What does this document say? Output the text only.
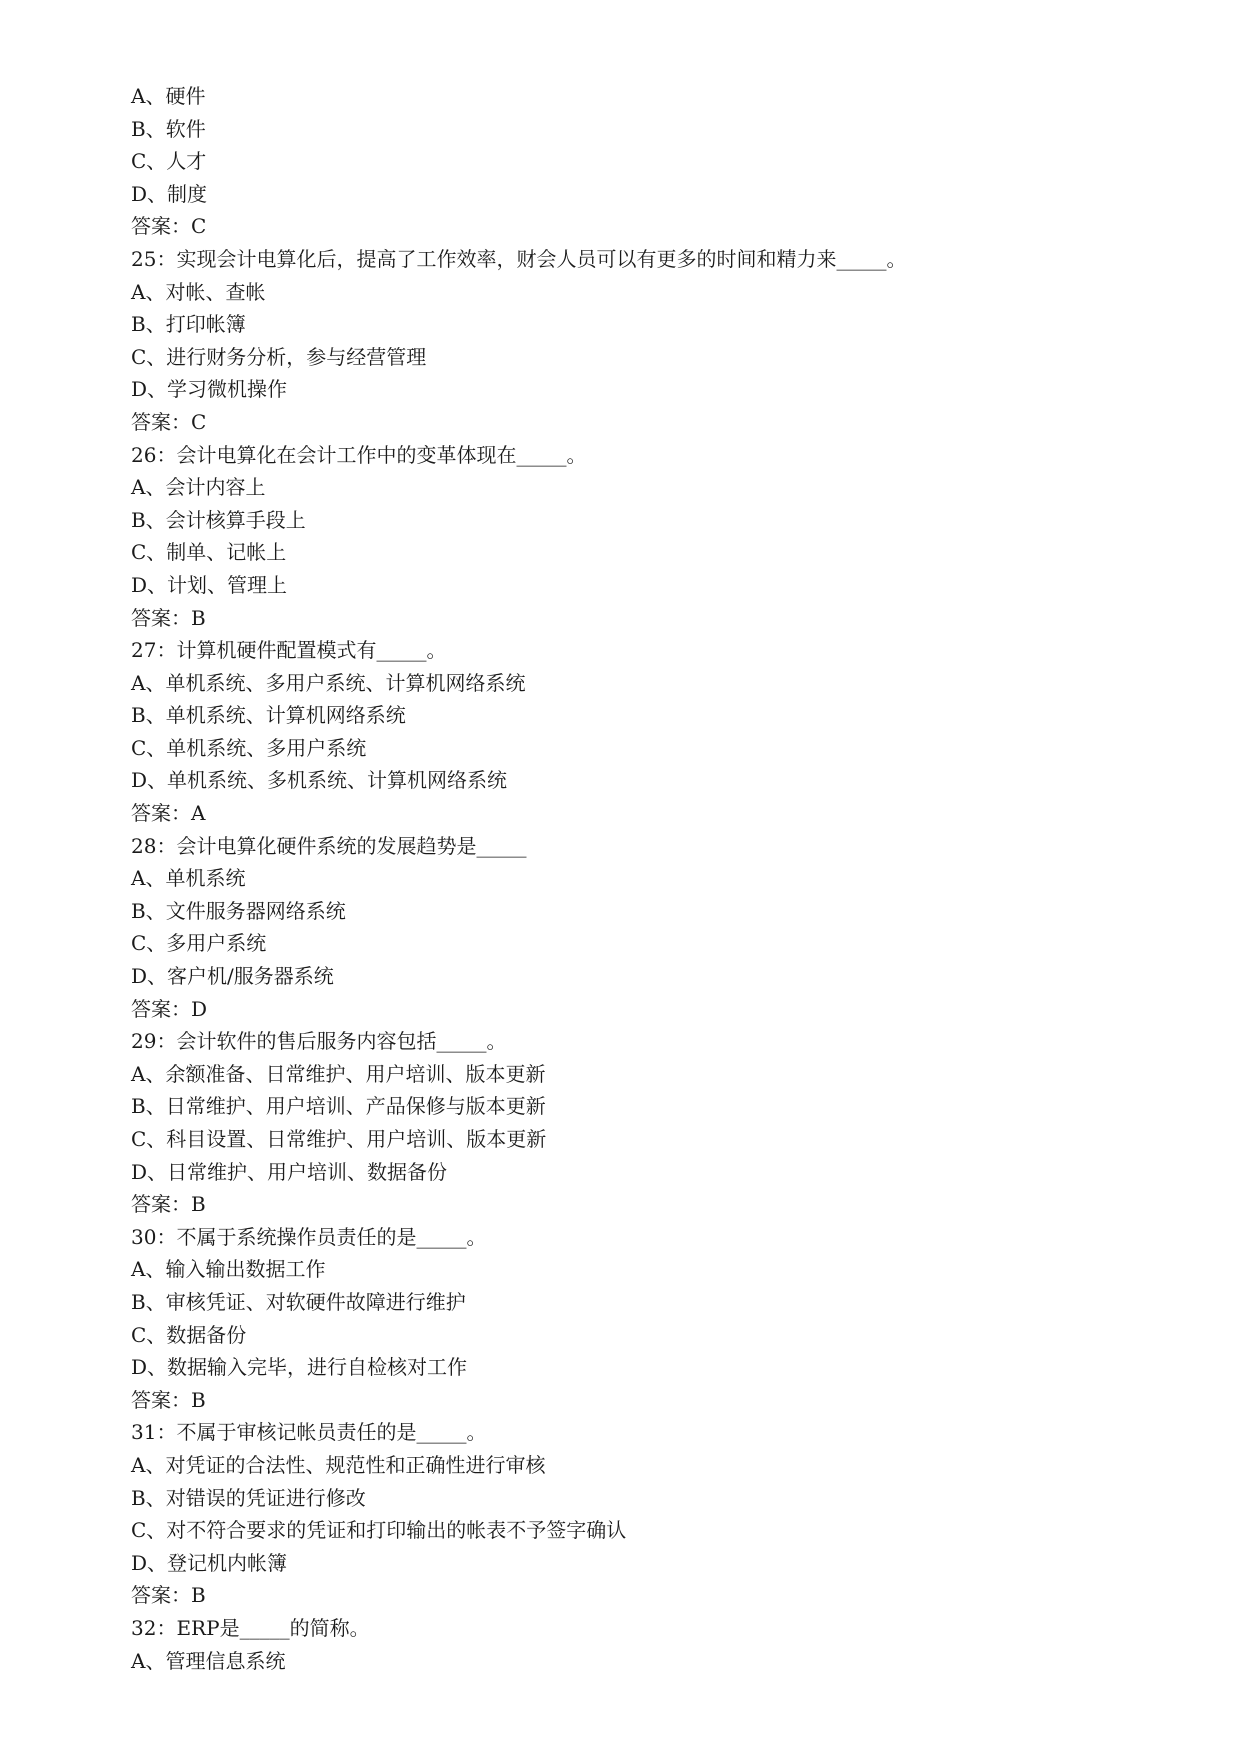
A、硬件
B、软件
C、人才
D、制度
答案：C
25：实现会计电算化后，提高了工作效率，财会人员可以有更多的时间和精力来_____。
A、对帐、查帐
B、打印帐簿
C、进行财务分析，参与经营管理
D、学习微机操作
答案：C
26：会计电算化在会计工作中的变革体现在_____。
A、会计内容上
B、会计核算手段上
C、制单、记帐上
D、计划、管理上
答案：B
27：计算机硬件配置模式有_____。
A、单机系统、多用户系统、计算机网络系统
B、单机系统、计算机网络系统
C、单机系统、多用户系统
D、单机系统、多机系统、计算机网络系统
答案：A
28：会计电算化硬件系统的发展趋势是_____
A、单机系统
B、文件服务器网络系统
C、多用户系统
D、客户机/服务器系统
答案：D
29：会计软件的售后服务内容包括_____。
A、余额准备、日常维护、用户培训、版本更新
B、日常维护、用户培训、产品保修与版本更新
C、科目设置、日常维护、用户培训、版本更新
D、日常维护、用户培训、数据备份
答案：B
30：不属于系统操作员责任的是_____。
A、输入输出数据工作
B、审核凭证、对软硬件故障进行维护
C、数据备份
D、数据输入完毕，进行自检核对工作
答案：B
31：不属于审核记帐员责任的是_____。
A、对凭证的合法性、规范性和正确性进行审核
B、对错误的凭证进行修改
C、对不符合要求的凭证和打印输出的帐表不予签字确认
D、登记机内帐簿
答案：B
32：ERP是_____的简称。
A、管理信息系统
